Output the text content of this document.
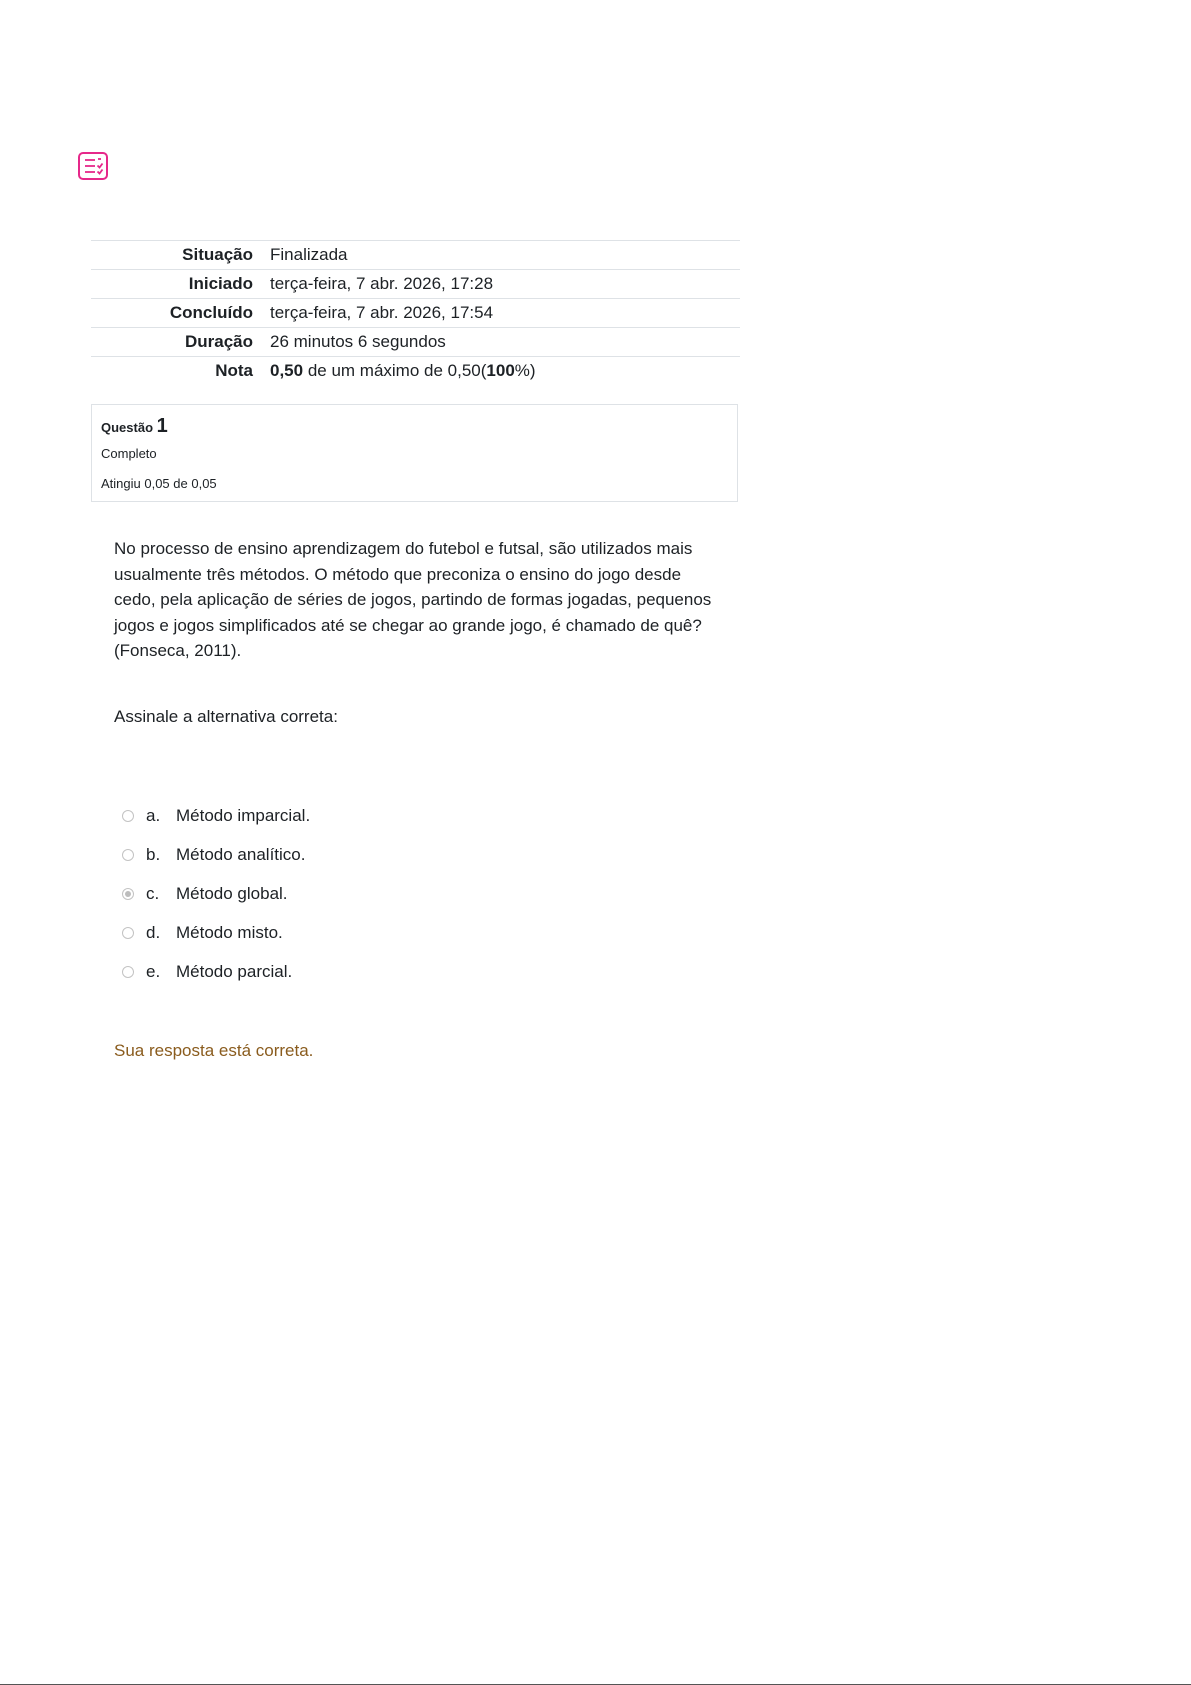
Situação	Finalizada
Iniciado	terça-feira, 7 abr. 2026, 17:28
Concluído	terça-feira, 7 abr. 2026, 17:54
Duração	26 minutos 6 segundos
Nota	0,50 de um máximo de 0,50(100%)
Questão 1
Completo
Atingiu 0,05 de 0,05
No processo de ensino aprendizagem do futebol e futsal, são utilizados mais usualmente três métodos. O método que preconiza o ensino do jogo desde cedo, pela aplicação de séries de jogos, partindo de formas jogadas, pequenos jogos e jogos simplificados até se chegar ao grande jogo, é chamado de quê? (Fonseca, 2011).
Assinale a alternativa correta:
a. Método imparcial.
b. Método analítico.
c. Método global.
d. Método misto.
e. Método parcial.
Sua resposta está correta.
